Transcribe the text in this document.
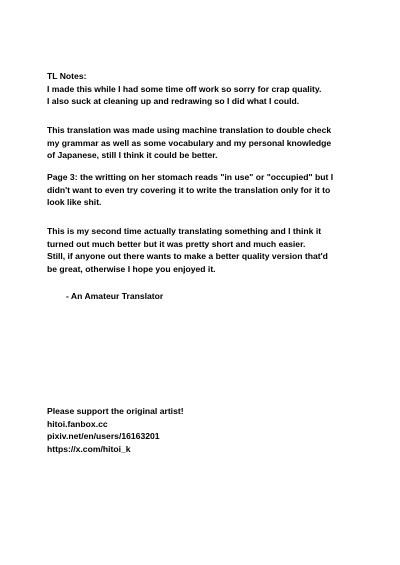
TL Notes:
I made this while I had some time off work so sorry for crap quality.
I also suck at cleaning up and redrawing so I did what I could.
This translation was made using machine translation to double check
my grammar as well as some vocabulary and my personal knowledge
of Japanese, still I think it could be better.
Page 3: the writting on her stomach reads "in use" or "occupied" but I
didn't want to even try covering it to write the translation only for it to
look like shit.
This is my second time actually translating something and I think it
turned out much better but it was pretty short and much easier.
Still, if anyone out there wants to make a better quality version that'd
be great, otherwise I hope you enjoyed it.
- An Amateur Translator
Please support the original artist!
hitoi.fanbox.cc
pixiv.net/en/users/16163201
https://x.com/hitoi_k
